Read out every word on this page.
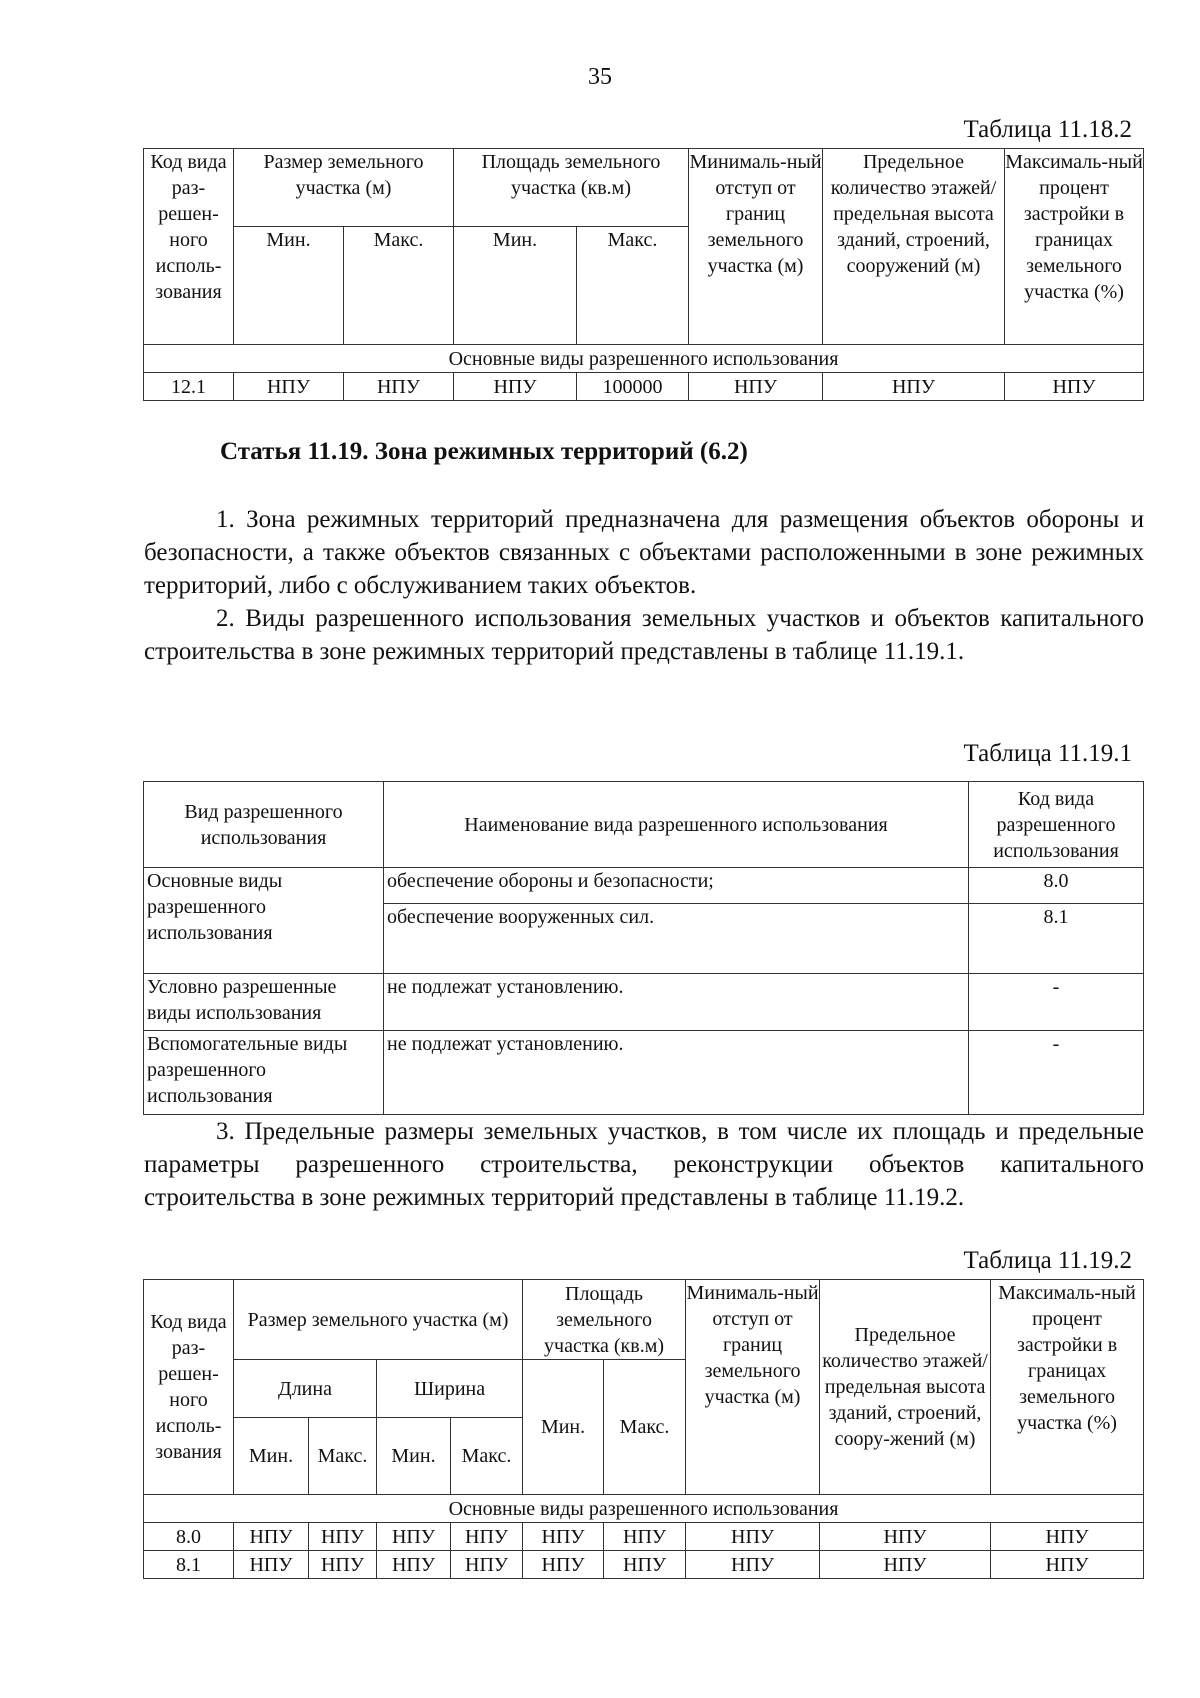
35
Таблица 11.18.2
Код вида раз-решен-ного исполь-зования	Размер земельного участка (м)		Площадь земельного участка (кв.м)		Минималь-ный отступ от границ земельного участка (м)	Предельное количество этажей/ предельная высота зданий, строений, сооружений (м)	Максималь-ный процент застройки в границах земельного участка (%)
	Мин.	Макс.	Мин.	Макс.			
Основные виды разрешенного использования							
12.1	НПУ	НПУ	НПУ	100000	НПУ	НПУ	НПУ
Статья 11.19. Зона режимных территорий (6.2)

1. Зона режимных территорий предназначена для размещения объектов обороны и безопасности, а также объектов связанных с объектами расположенными в зоне режимных территорий, либо с обслуживанием таких объектов.

2. Виды разрешенного использования земельных участков и объектов капитального строительства в зоне режимных территорий представлены в таблице 11.19.1.

Таблица 11.19.1
Вид разрешенного использования	Наименование вида разрешенного использования	Код вида разрешенного использования
Основные виды разрешенного использования	обеспечение обороны и безопасности;	8.0
	обеспечение вооруженных сил.	8.1
Условно разрешенные виды использования	не подлежат установлению.	-
Вспомогательные виды разрешенного использования	не подлежат установлению.	-

3. Предельные размеры земельных участков, в том числе их площадь и предельные параметры разрешенного строительства, реконструкции объектов капитального строительства в зоне режимных территорий представлены в таблице 11.19.2.

Таблица 11.19.2
Код вида раз-решен-ного исполь-зования	Размер земельного участка (м)				Площадь земельного участка (кв.м)		Минималь-ный отступ от границ земельного участка (м)	Предельное количество этажей/ предельная высота зданий, строений, соору-жений (м)	Максималь-ный процент застройки в границах земельного участка (%)
	Длина		Ширина		Мин.	Макс.			
	Мин.	Макс.	Мин.	Макс.					
Основные виды разрешенного использования									
8.0	НПУ	НПУ	НПУ	НПУ	НПУ	НПУ	НПУ	НПУ	НПУ
8.1	НПУ	НПУ	НПУ	НПУ	НПУ	НПУ	НПУ	НПУ	НПУ
